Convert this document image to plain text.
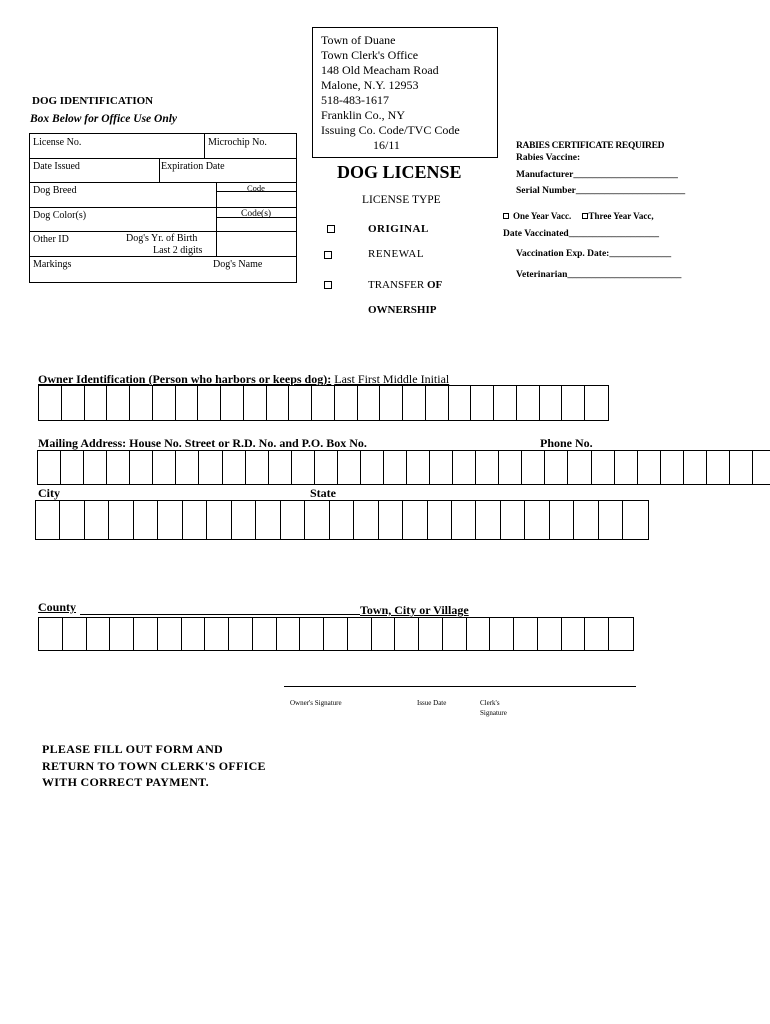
Town of Duane
Town Clerk's Office
148 Old Meacham Road
Malone, N.Y. 12953
518-483-1617
Franklin Co., NY
Issuing Co. Code/TVC Code
16/11
DOG IDENTIFICATION
Box Below for Office Use Only
License No.	Microchip No.
Date Issued	Expiration Date
Dog Breed	Code
Dog Color(s)	Code(s)
Other ID	Dog's Yr. of Birth
Last 2 digits
Markings	Dog's Name
DOG LICENSE
LICENSE TYPE
ORIGINAL
RENEWAL
TRANSFER OF
OWNERSHIP
RABIES CERTIFICATE REQUIRED
Rabies Vaccine:
Manufacturer______________________
Serial Number_______________________
One Year Vacc. Three Year Vacc,
Date Vaccinated___________________
Vaccination Exp. Date:_____________
Veterinarian________________________
Owner Identification (Person who harbors or keeps dog): Last First Middle Initial
Mailing Address: House No. Street or R.D. No. and P.O. Box No.	Phone No.
City	State
County	Town, City or Village
Owner's Signature	Issue Date	Clerk's
Signature
PLEASE FILL OUT FORM AND
RETURN TO TOWN CLERK'S OFFICE
WITH CORRECT PAYMENT.
